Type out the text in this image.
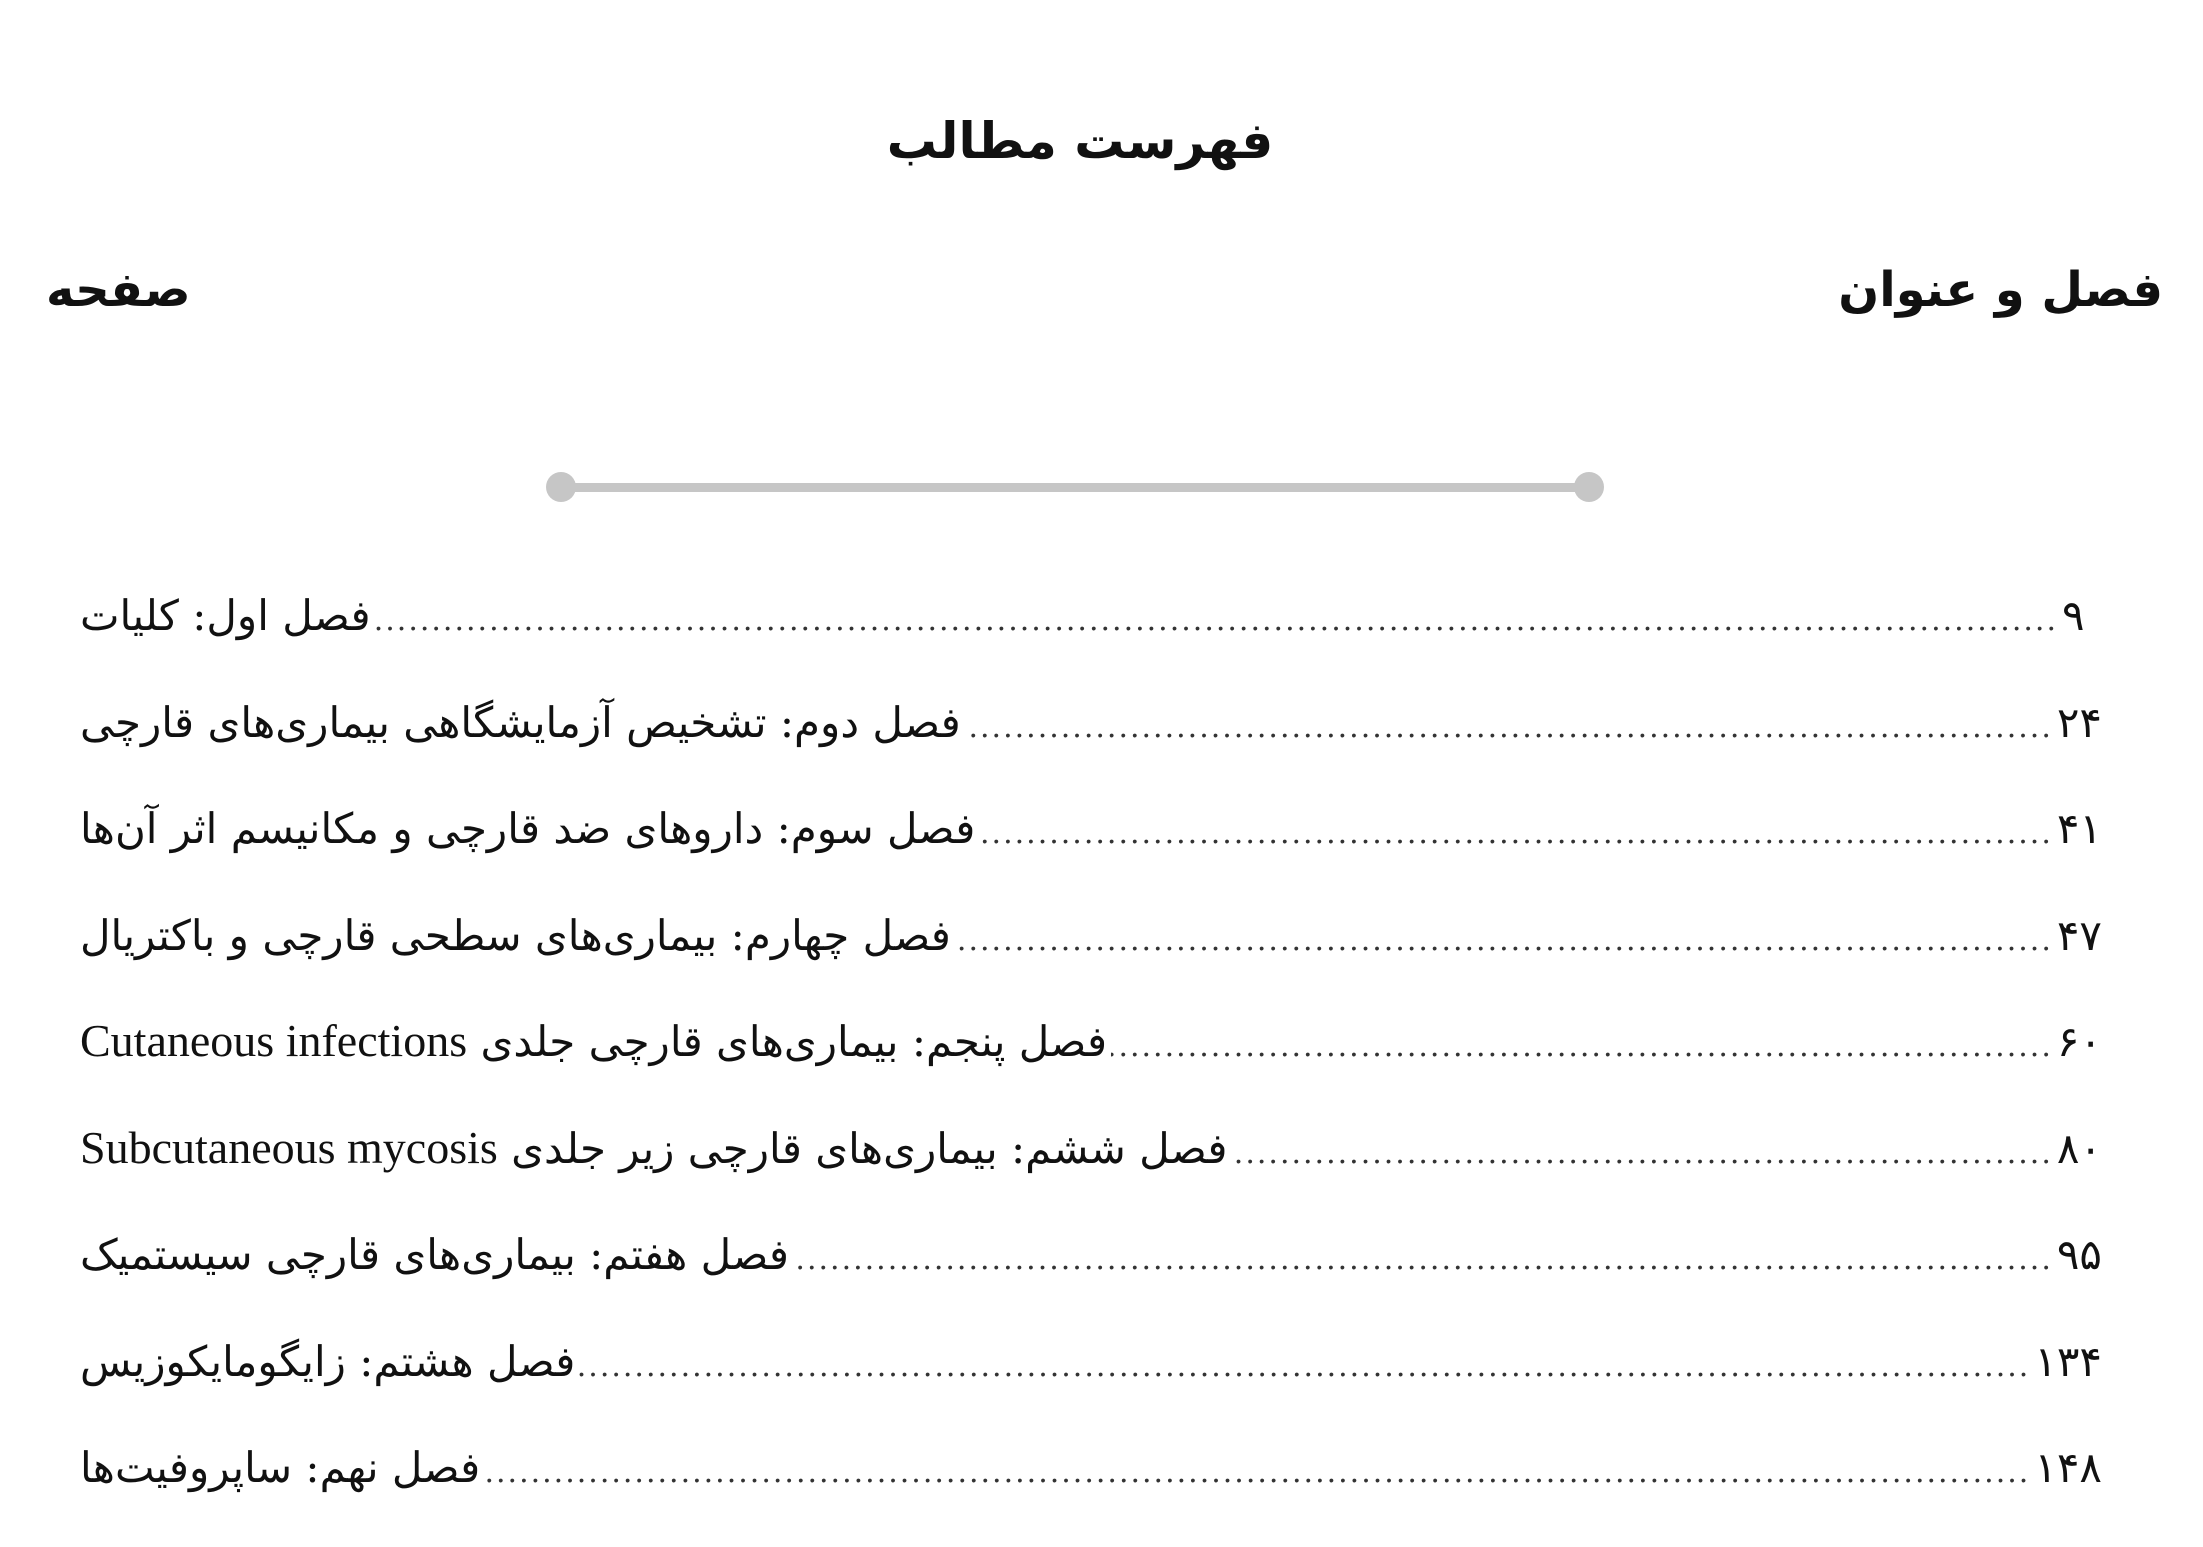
فهرست مطالب
فصل و عنوان
صفحه
فصل اول: کلیات .....	۹
فصل دوم: تشخیص آزمایشگاهی بیماری‌های قارچی .....	۲۴
فصل سوم: داروهای ضد قارچی و مکانیسم اثر آن‌ها .....	۴۱
فصل چهارم: بیماری‌های سطحی قارچی و باکتریال .....	۴۷
فصل پنجم: بیماری‌های قارچی جلدی Cutaneous infections .....	۶۰
فصل ششم: بیماری‌های قارچی زیر جلدی Subcutaneous mycosis .....	۸۰
فصل هفتم: بیماری‌های قارچی سیستمیک .....	۹۵
فصل هشتم: زایگومایکوزیس .....	۱۳۴
فصل نهم: ساپروفیت‌ها .....	۱۴۸
